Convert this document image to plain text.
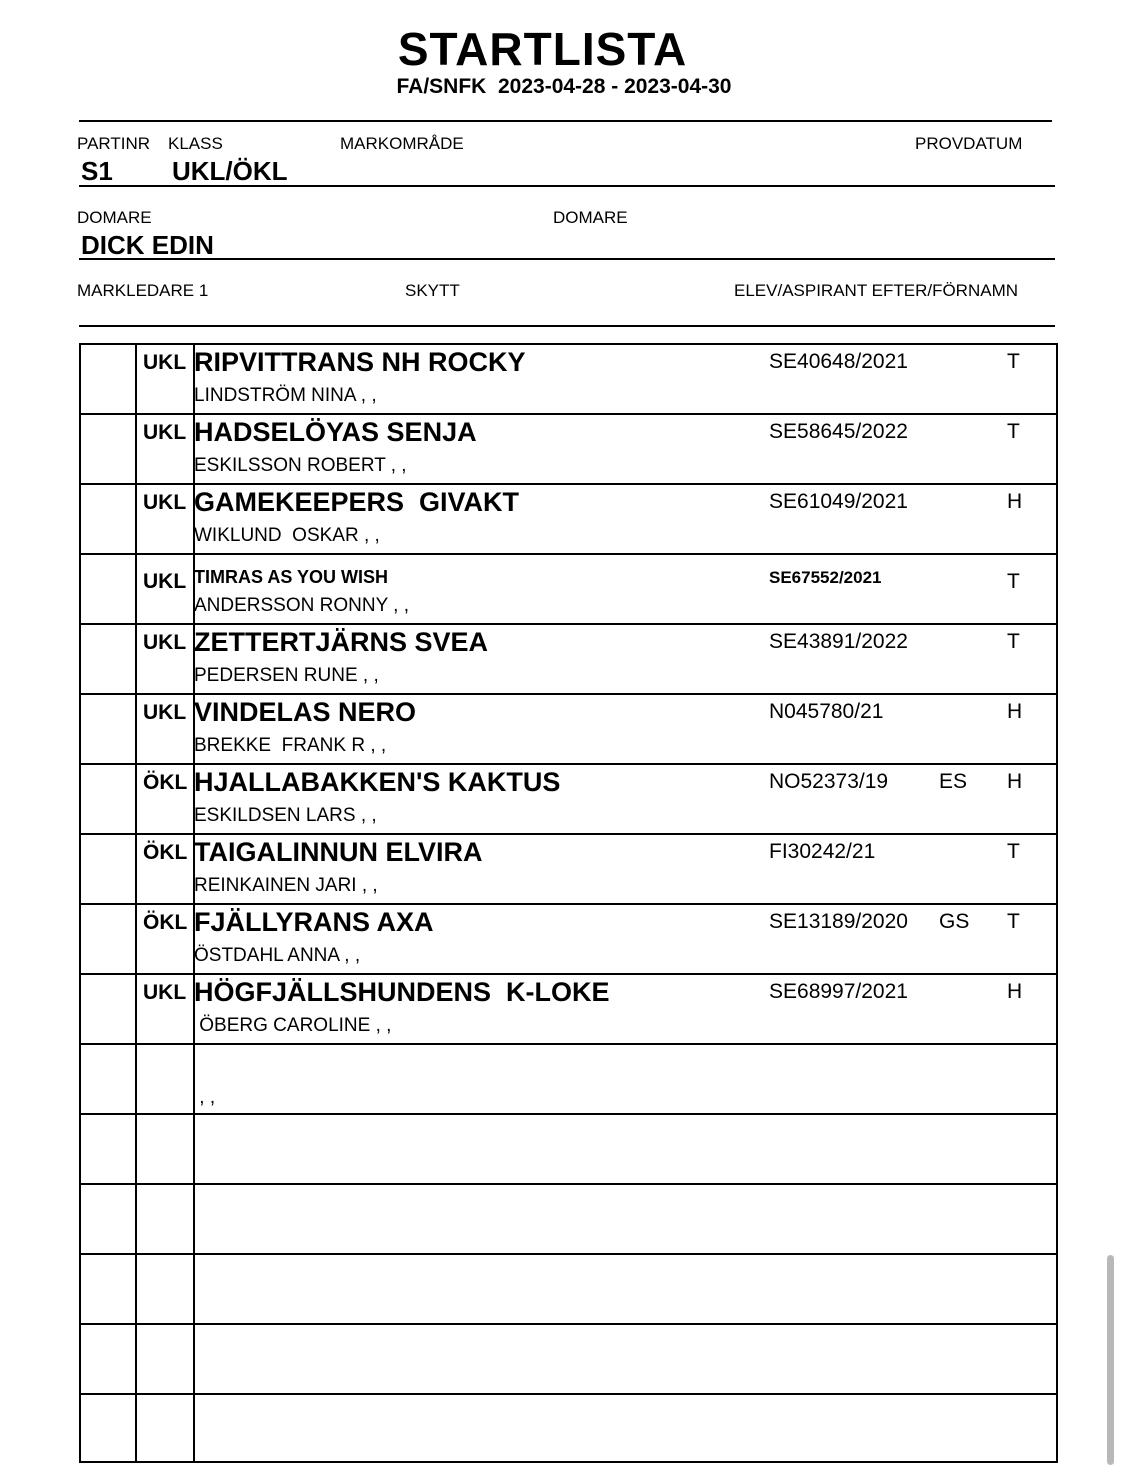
STARTLISTA
FA/SNFK  2023-04-28 - 2023-04-30
PARTINR KLASS	MARKOMRÅDE	PROVDATUM
S1 UKL/ÖKL
DOMARE	DOMARE
DICK EDIN
MARKLEDARE 1	SKYTT	ELEV/ASPIRANT EFTER/FÖRNAMN
UKL RIPVITTRANS NH ROCKY
LINDSTRÖM NINA , ,
SE40648/2021	T
UKL HADSELÖYAS SENJA
ESKILSSON ROBERT , ,
SE58645/2022	T
UKL GAMEKEEPERS  GIVAKT
WIKLUND  OSKAR , ,
SE61049/2021	H
UKL TIMRAS AS YOU WISH
ANDERSSON RONNY , ,
SE67552/2021	T
UKL ZETTERTJÄRNS SVEA
PEDERSEN RUNE , ,
SE43891/2022	T
UKL VINDELAS NERO
BREKKE  FRANK R , ,
N045780/21	H
ÖKL HJALLABAKKEN'S KAKTUS
ESKILDSEN LARS , ,
NO52373/19 ES H
ÖKL TAIGALINNUN ELVIRA
REINKAINEN JARI , ,
FI30242/21	T
ÖKL FJÄLLYRANS AXA
ÖSTDAHL ANNA , ,
SE13189/2020 GS T
UKL HÖGFJÄLLSHUNDENS  K-LOKE
ÖBERG CAROLINE , ,
SE68997/2021	H
, ,
